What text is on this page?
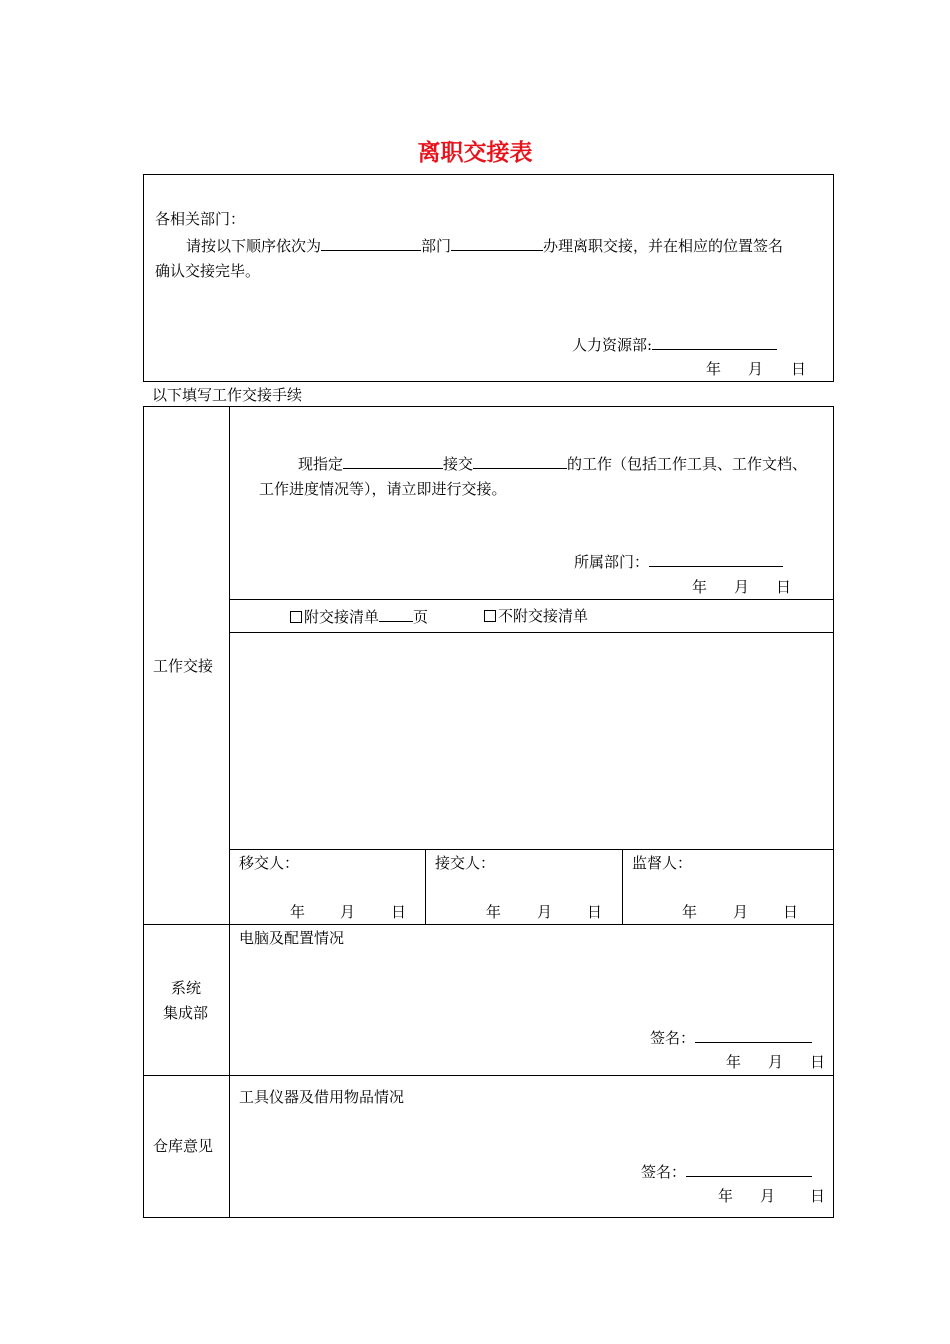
离职交接表
各相关部门：
请按以下顺序依次为	部门	办理离职交接，并在相应的位置签名
确认交接完毕。
人力资源部:
年 月 日
以下填写工作交接手续
工作交接
现指定	接交	的工作（包括工作工具、工作文档、
工作进度情况等），请立即进行交接。
所属部门：
年 月 日
附交接清单 页	不附交接清单
移交人：	接交人：	监督人：
年 月 日	年 月 日	年 月 日
系统
集成部
电脑及配置情况
签名：
年 月 日
仓库意见
工具仪器及借用物品情况
签名：
年 月 日
